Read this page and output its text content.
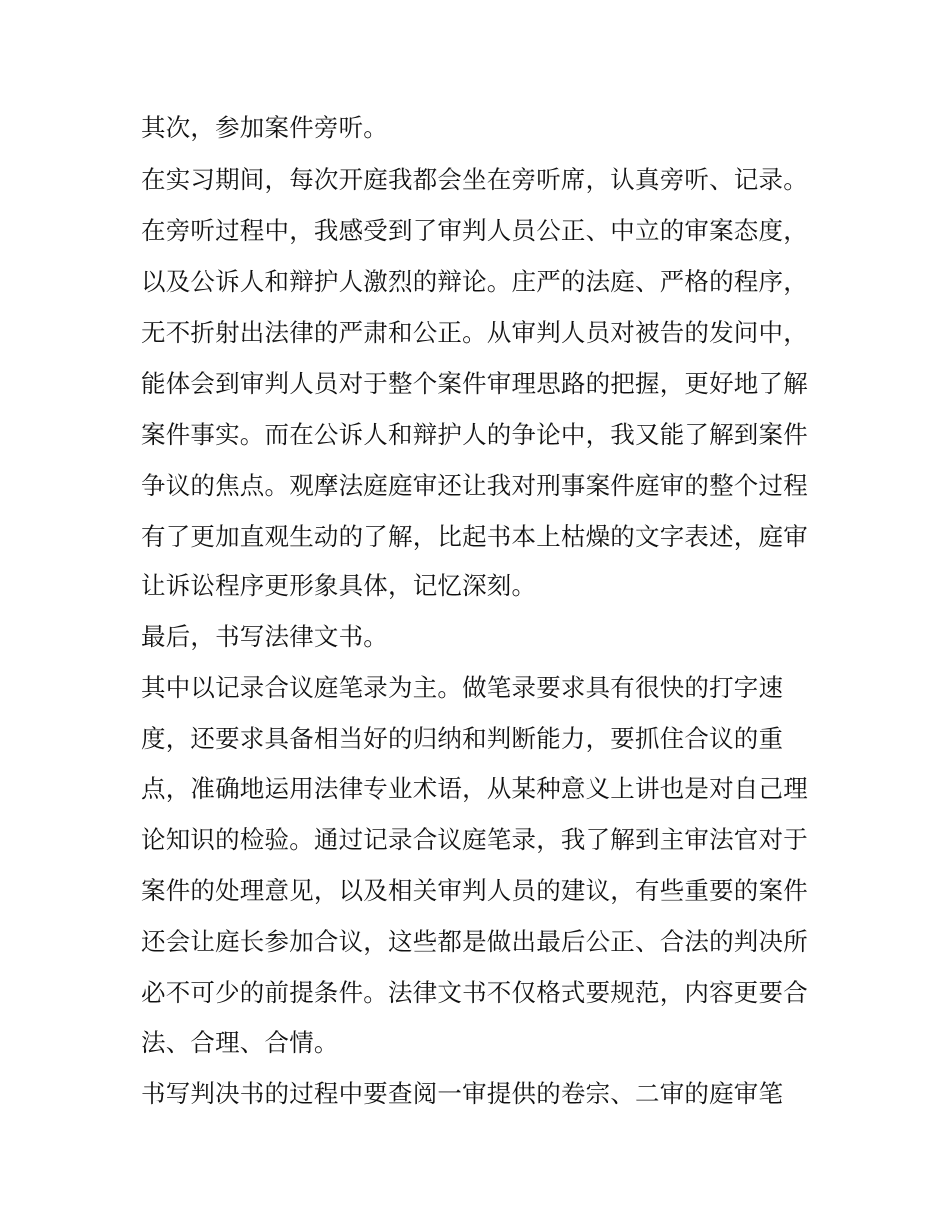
其次，参加案件旁听。

在实习期间，每次开庭我都会坐在旁听席，认真旁听、记录。

在旁听过程中，我感受到了审判人员公正、中立的审案态度，

以及公诉人和辩护人激烈的辩论。庄严的法庭、严格的程序，

无不折射出法律的严肃和公正。从审判人员对被告的发问中，

能体会到审判人员对于整个案件审理思路的把握，更好地了解

案件事实。而在公诉人和辩护人的争论中，我又能了解到案件

争议的焦点。观摩法庭庭审还让我对刑事案件庭审的整个过程

有了更加直观生动的了解，比起书本上枯燥的文字表述，庭审

让诉讼程序更形象具体，记忆深刻。

最后，书写法律文书。

其中以记录合议庭笔录为主。做笔录要求具有很快的打字速

度，还要求具备相当好的归纳和判断能力，要抓住合议的重

点，准确地运用法律专业术语，从某种意义上讲也是对自己理

论知识的检验。通过记录合议庭笔录，我了解到主审法官对于

案件的处理意见，以及相关审判人员的建议，有些重要的案件

还会让庭长参加合议，这些都是做出最后公正、合法的判决所

必不可少的前提条件。法律文书不仅格式要规范，内容更要合

法、合理、合情。

书写判决书的过程中要查阅一审提供的卷宗、二审的庭审笔
